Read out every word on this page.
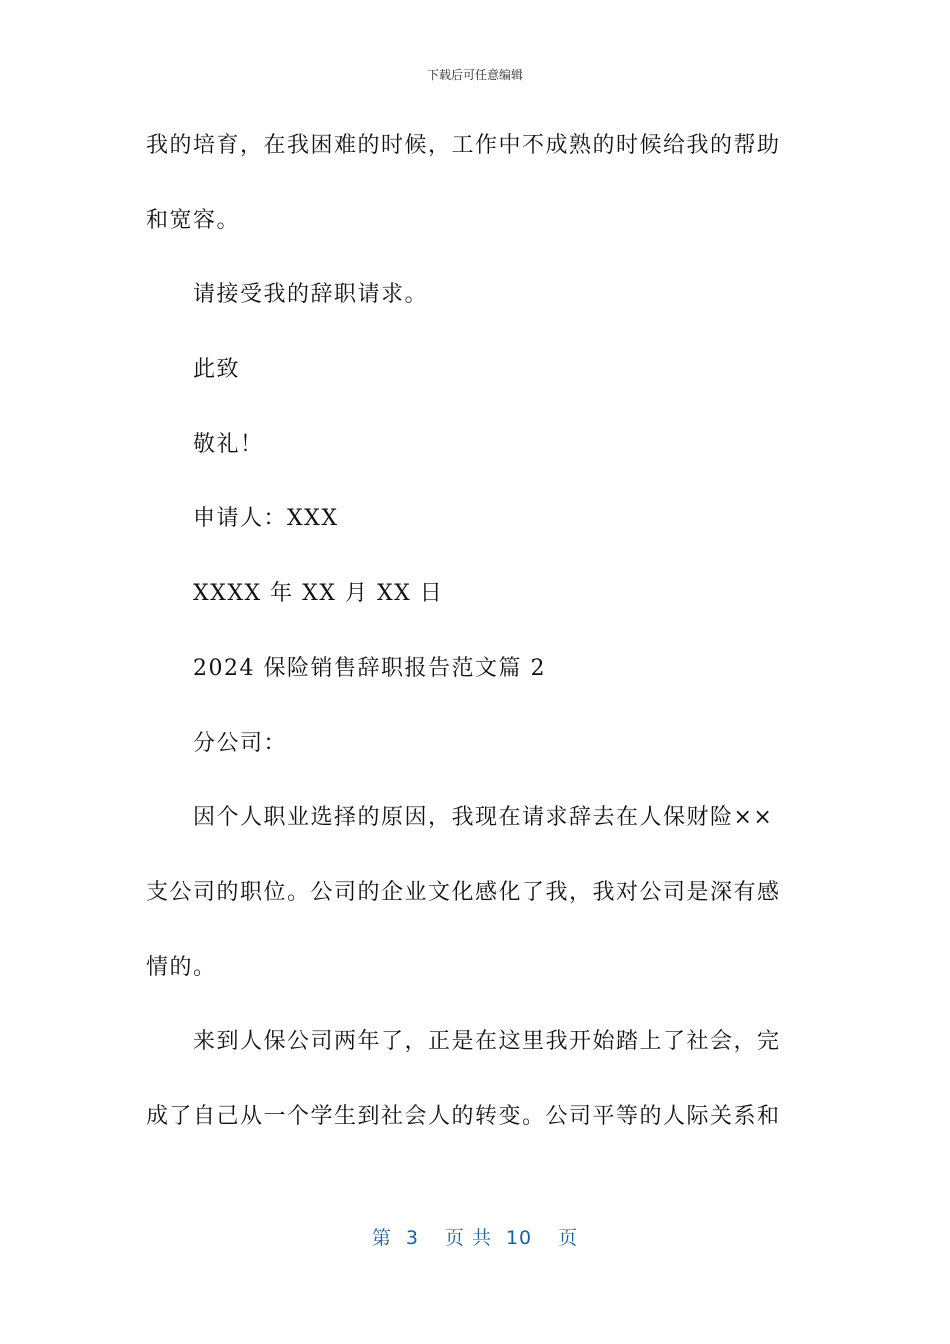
下载后可任意编辑
我的培育，在我困难的时候，工作中不成熟的时候给我的帮助
和宽容。
请接受我的辞职请求。
此致
敬礼！
申请人：XXX
XXXX 年 XX 月 XX 日
2024 保险销售辞职报告范文篇 2
分公司：
因个人职业选择的原因，我现在请求辞去在人保财险××
支公司的职位。公司的企业文化感化了我，我对公司是深有感
情的。
来到人保公司两年了，正是在这里我开始踏上了社会，完
成了自己从一个学生到社会人的转变。公司平等的人际关系和
第 3 页 共 10 页
